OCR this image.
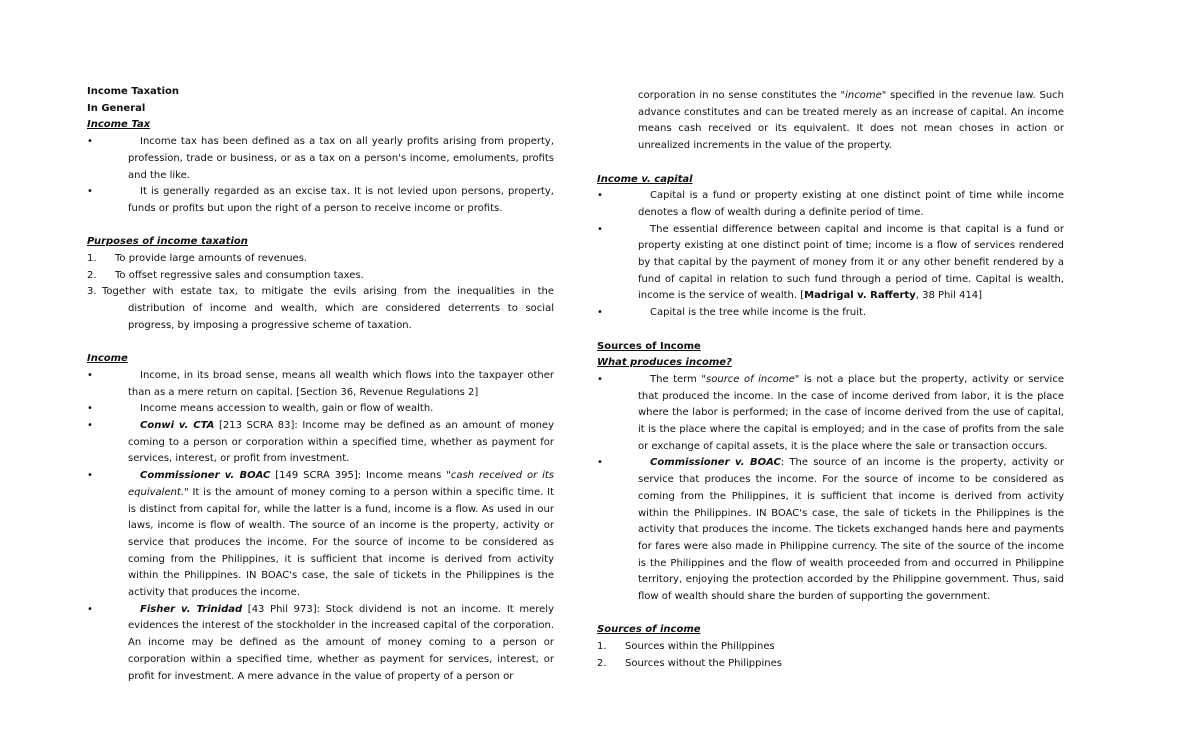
Income Taxation
In General
Income Tax
•	Income tax has been defined as a tax on all yearly profits arising from property, profession, trade or business, or as a tax on a person's income, emoluments, profits and the like.
•	It is generally regarded as an excise tax. It is not levied upon persons, property, funds or profits but upon the right of a person to receive income or profits.
Purposes of income taxation
1. To provide large amounts of revenues.
2. To offset regressive sales and consumption taxes.
3. Together with estate tax, to mitigate the evils arising from the inequalities in the distribution of income and wealth, which are considered deterrents to social progress, by imposing a progressive scheme of taxation.
Income
•	Income, in its broad sense, means all wealth which flows into the taxpayer other than as a mere return on capital. [Section 36, Revenue Regulations 2]
•	Income means accession to wealth, gain or flow of wealth.
•	Conwi v. CTA [213 SCRA 83]: Income may be defined as an amount of money coming to a person or corporation within a specified time, whether as payment for services, interest, or profit from investment.
•	Commissioner v. BOAC [149 SCRA 395]: Income means "cash received or its equivalent." It is the amount of money coming to a person within a specific time. It is distinct from capital for, while the latter is a fund, income is a flow. As used in our laws, income is flow of wealth. The source of an income is the property, activity or service that produces the income. For the source of income to be considered as coming from the Philippines, it is sufficient that income is derived from activity within the Philippines. IN BOAC's case, the sale of tickets in the Philippines is the activity that produces the income.
•	Fisher v. Trinidad [43 Phil 973]: Stock dividend is not an income. It merely evidences the interest of the stockholder in the increased capital of the corporation. An income may be defined as the amount of money coming to a person or corporation within a specified time, whether as payment for services, interest, or profit for investment. A mere advance in the value of property of a person or
corporation in no sense constitutes the "income" specified in the revenue law. Such advance constitutes and can be treated merely as an increase of capital. An income means cash received or its equivalent. It does not mean choses in action or unrealized increments in the value of the property.
Income v. capital
•	Capital is a fund or property existing at one distinct point of time while income denotes a flow of wealth during a definite period of time.
•	The essential difference between capital and income is that capital is a fund or property existing at one distinct point of time; income is a flow of services rendered by that capital by the payment of money from it or any other benefit rendered by a fund of capital in relation to such fund through a period of time. Capital is wealth, income is the service of wealth. [Madrigal v. Rafferty, 38 Phil 414]
•	Capital is the tree while income is the fruit.
Sources of Income
What produces income?
•	The term "source of income" is not a place but the property, activity or service that produced the income. In the case of income derived from labor, it is the place where the labor is performed; in the case of income derived from the use of capital, it is the place where the capital is employed; and in the case of profits from the sale or exchange of capital assets, it is the place where the sale or transaction occurs.
•	Commissioner v. BOAC: The source of an income is the property, activity or service that produces the income. For the source of income to be considered as coming from the Philippines, it is sufficient that income is derived from activity within the Philippines. IN BOAC's case, the sale of tickets in the Philippines is the activity that produces the income. The tickets exchanged hands here and payments for fares were also made in Philippine currency. The site of the source of the income is the Philippines and the flow of wealth proceeded from and occurred in Philippine territory, enjoying the protection accorded by the Philippine government. Thus, said flow of wealth should share the burden of supporting the government.
Sources of income
1. Sources within the Philippines
2. Sources without the Philippines
